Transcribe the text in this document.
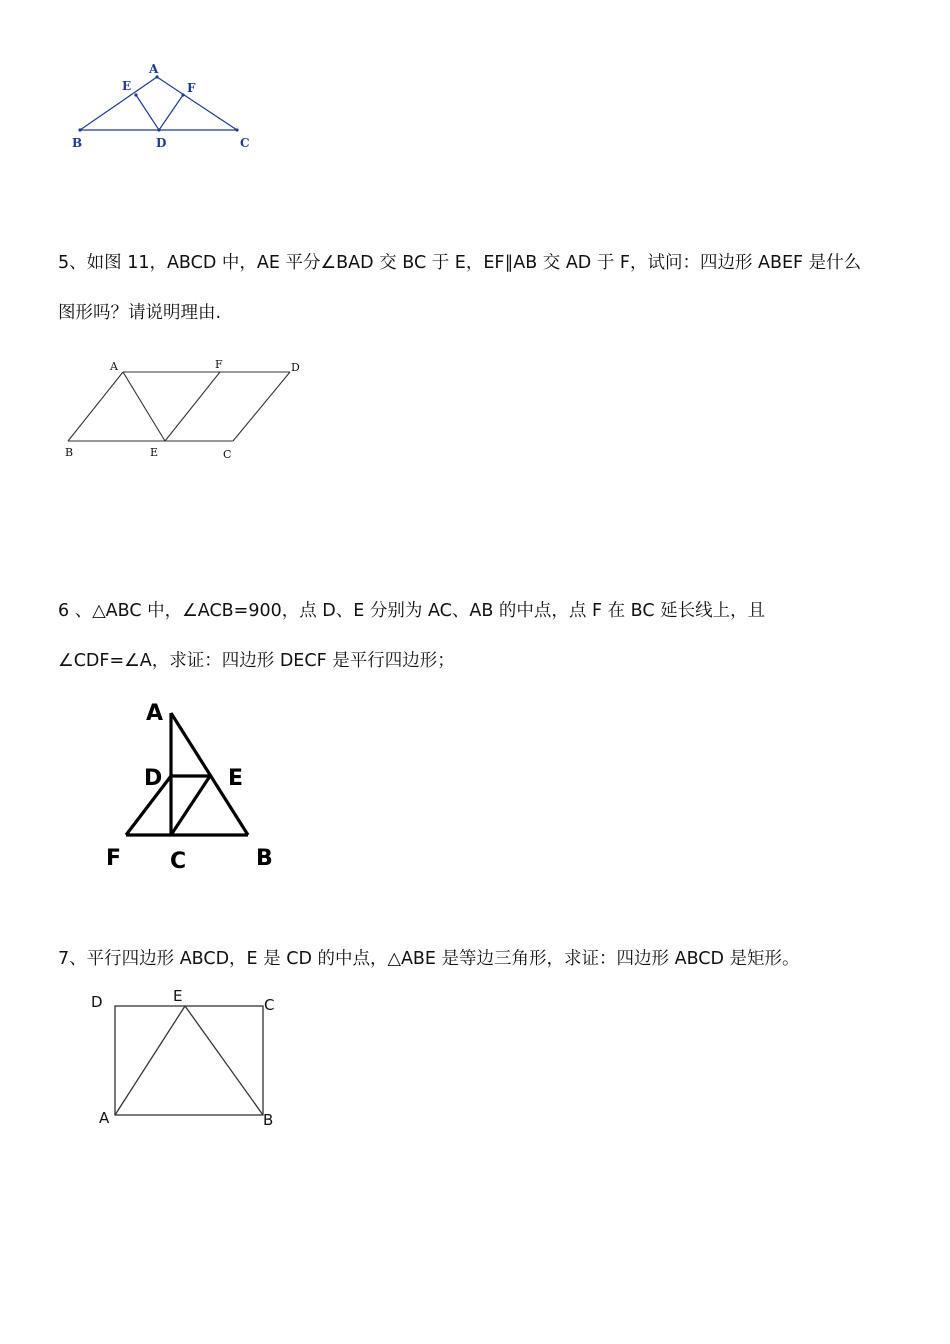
A
E	F
B	D	C
5、如图 11，ABCD 中，AE 平分∠BAD 交 BC 于 E，EF∥AB 交 AD 于 F，试问：四边形 ABEF 是什么
图形吗？请说明理由.
A	F	D
B	E	C
6 、△ABC 中，∠ACB=900，点 D、E 分别为 AC、AB 的中点，点 F 在 BC 延长线上，且
∠CDF=∠A，求证：四边形 DECF 是平行四边形；
A
D	E
F C	B
7、平行四边形 ABCD，E 是 CD 的中点，△ABE 是等边三角形，求证：四边形 ABCD 是矩形。
D	E	C
A	B
